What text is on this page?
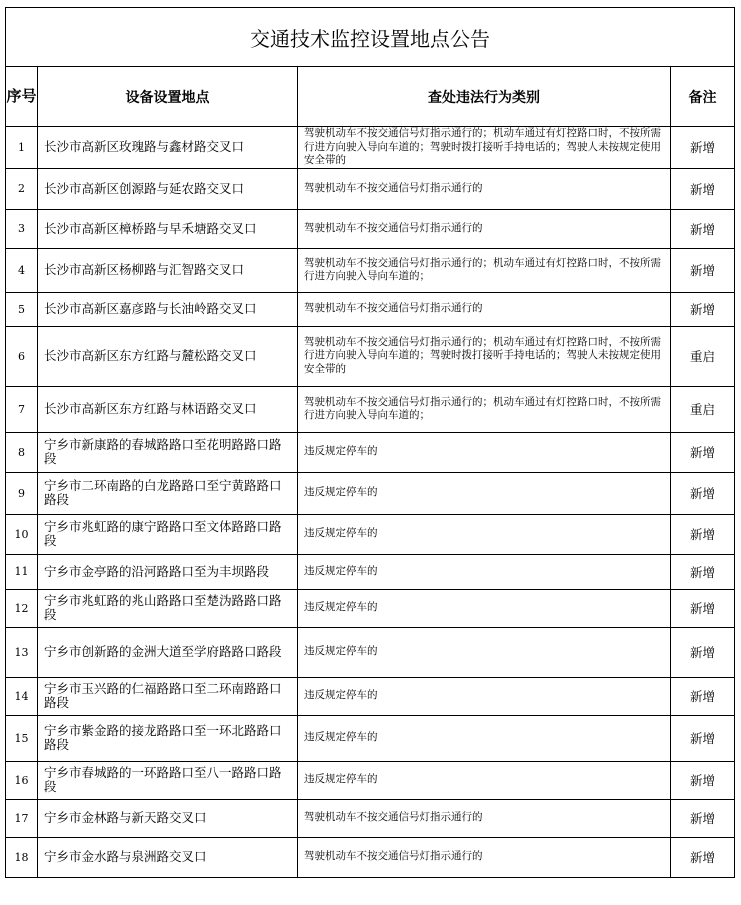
交通技术监控设置地点公告			
序号	设备设置地点	查处违法行为类别	备注
1	长沙市高新区玫瑰路与鑫材路交叉口	驾驶机动车不按交通信号灯指示通行的；机动车通过有灯控路口时，不按所需行进方向驶入导向车道的；驾驶时拨打接听手持电话的；驾驶人未按规定使用安全带的	新增
2	长沙市高新区创源路与延农路交叉口	驾驶机动车不按交通信号灯指示通行的	新增
3	长沙市高新区樟桥路与早禾塘路交叉口	驾驶机动车不按交通信号灯指示通行的	新增
4	长沙市高新区杨柳路与汇智路交叉口	驾驶机动车不按交通信号灯指示通行的；机动车通过有灯控路口时，不按所需行进方向驶入导向车道的；	新增
5	长沙市高新区嘉彦路与长油岭路交叉口	驾驶机动车不按交通信号灯指示通行的	新增
6	长沙市高新区东方红路与麓松路交叉口	驾驶机动车不按交通信号灯指示通行的；机动车通过有灯控路口时，不按所需行进方向驶入导向车道的；驾驶时拨打接听手持电话的；驾驶人未按规定使用安全带的	重启
7	长沙市高新区东方红路与林语路交叉口	驾驶机动车不按交通信号灯指示通行的；机动车通过有灯控路口时，不按所需行进方向驶入导向车道的；	重启
8	宁乡市新康路的春城路路口至花明路路口路段	违反规定停车的	新增
9	宁乡市二环南路的白龙路路口至宁黄路路口路段	违反规定停车的	新增
10	宁乡市兆虹路的康宁路路口至文体路路口路段	违反规定停车的	新增
11	宁乡市金亭路的沿河路路口至为丰坝路段	违反规定停车的	新增
12	宁乡市兆虹路的兆山路路口至楚沩路路口路段	违反规定停车的	新增
13	宁乡市创新路的金洲大道至学府路路口路段	违反规定停车的	新增
14	宁乡市玉兴路的仁福路路口至二环南路路口路段	违反规定停车的	新增
15	宁乡市紫金路的接龙路路口至一环北路路口路段	违反规定停车的	新增
16	宁乡市春城路的一环路路口至八一路路口路段	违反规定停车的	新增
17	宁乡市金林路与新天路交叉口	驾驶机动车不按交通信号灯指示通行的	新增
18	宁乡市金水路与泉洲路交叉口	驾驶机动车不按交通信号灯指示通行的	新增
